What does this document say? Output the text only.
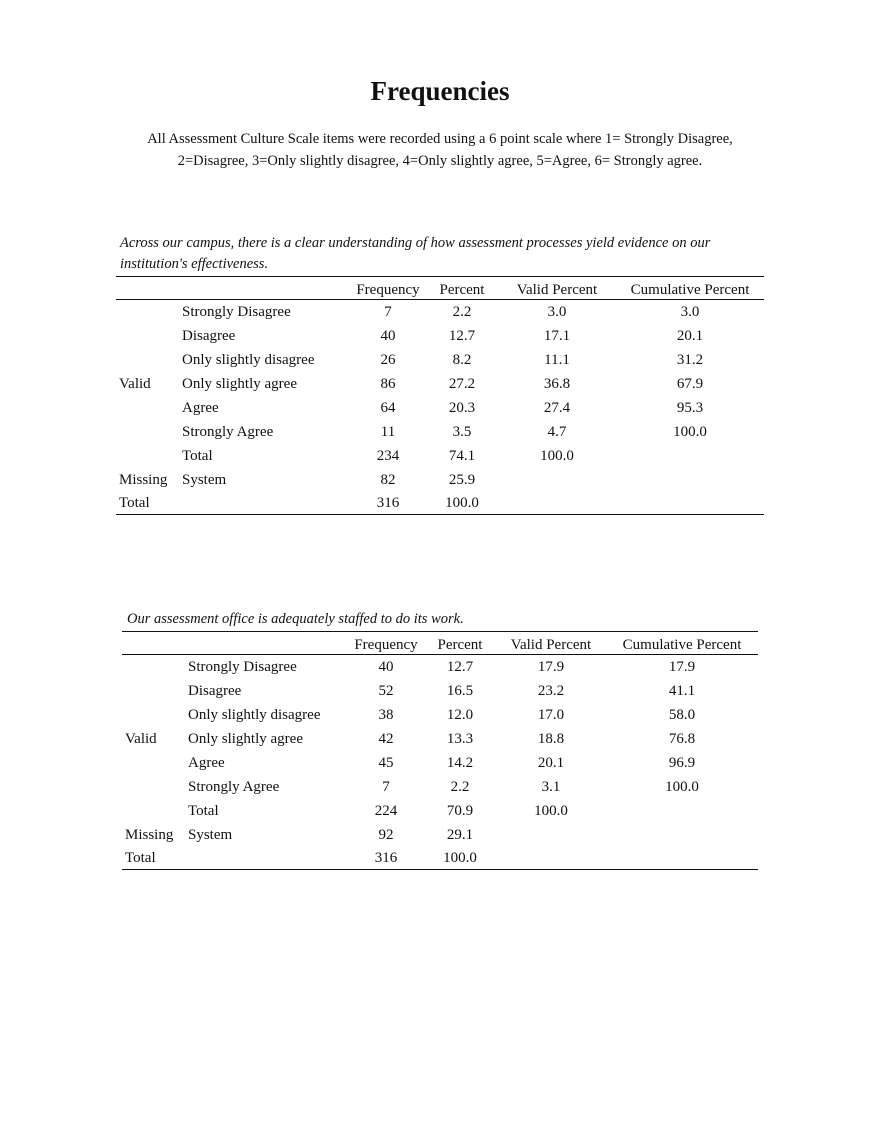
Frequencies
All Assessment Culture Scale items were recorded using a 6 point scale where 1= Strongly Disagree,
2=Disagree, 3=Only slightly disagree, 4=Only slightly agree, 5=Agree, 6= Strongly agree.
Across our campus, there is a clear understanding of how assessment processes yield evidence on our institution's effectiveness.
		Frequency	Percent	Valid Percent	Cumulative Percent
Valid	Strongly Disagree	7	2.2	3.0	3.0
	Disagree	40	12.7	17.1	20.1
	Only slightly disagree	26	8.2	11.1	31.2
	Only slightly agree	86	27.2	36.8	67.9
	Agree	64	20.3	27.4	95.3
	Strongly Agree	11	3.5	4.7	100.0
	Total	234	74.1	100.0	
Missing	System	82	25.9		
Total		316	100.0		
Our assessment office is adequately staffed to do its work.
		Frequency	Percent	Valid Percent	Cumulative Percent
Valid	Strongly Disagree	40	12.7	17.9	17.9
	Disagree	52	16.5	23.2	41.1
	Only slightly disagree	38	12.0	17.0	58.0
	Only slightly agree	42	13.3	18.8	76.8
	Agree	45	14.2	20.1	96.9
	Strongly Agree	7	2.2	3.1	100.0
	Total	224	70.9	100.0	
Missing	System	92	29.1		
Total		316	100.0		
